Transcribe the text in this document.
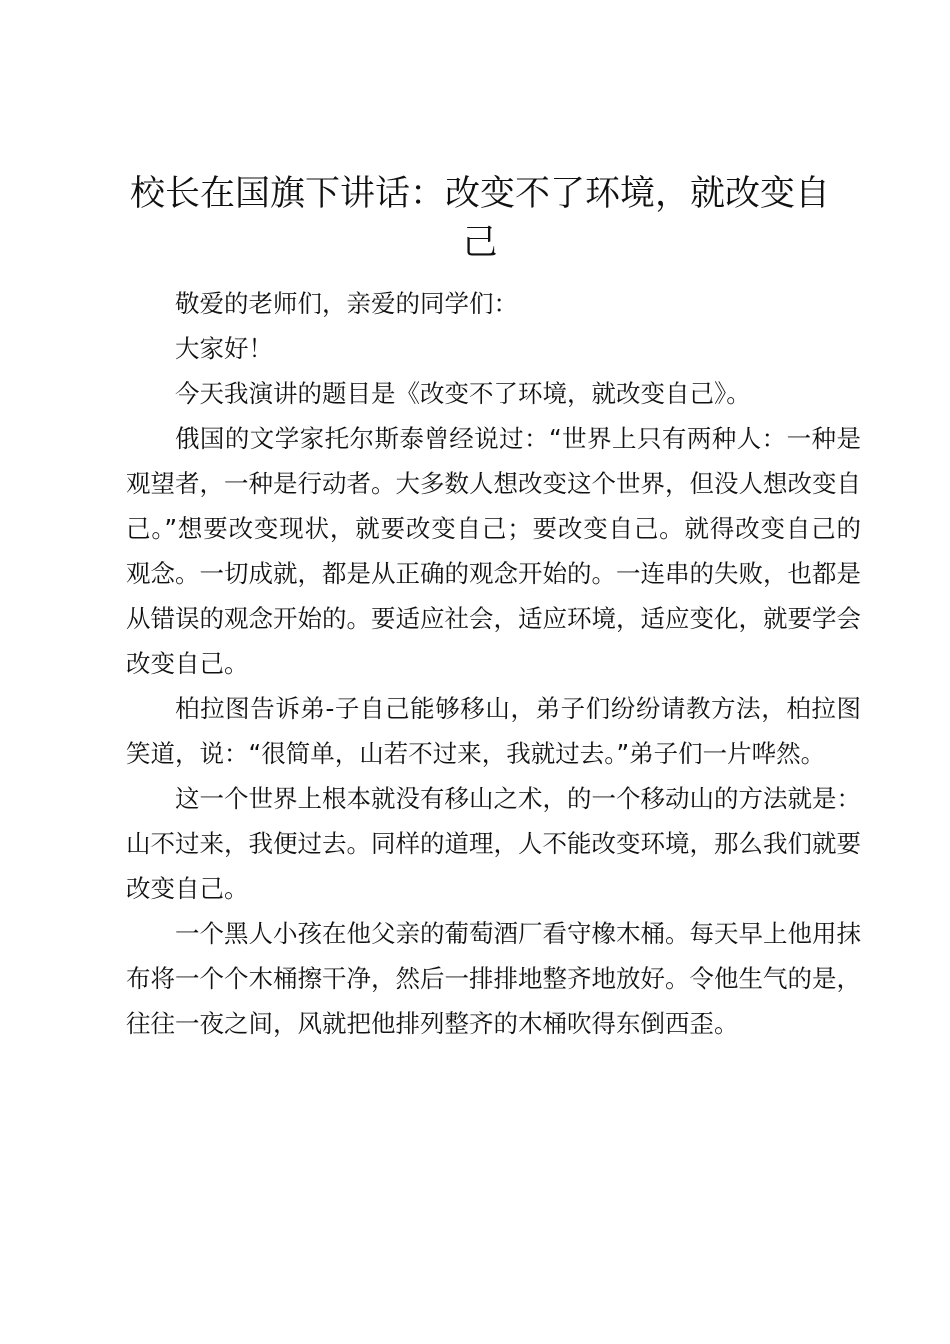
校长在国旗下讲话：改变不了环境，就改变自己

敬爱的老师们，亲爱的同学们：

大家好！

今天我演讲的题目是《改变不了环境，就改变自己》。

俄国的文学家托尔斯泰曾经说过：“世界上只有两种人：一种是观望者，一种是行动者。大多数人想改变这个世界，但没人想改变自己。”想要改变现状，就要改变自己；要改变自己。就得改变自己的观念。一切成就，都是从正确的观念开始的。一连串的失败，也都是从错误的观念开始的。要适应社会，适应环境，适应变化，就要学会改变自己。

柏拉图告诉弟-子自己能够移山，弟子们纷纷请教方法，柏拉图笑道，说：“很简单，山若不过来，我就过去。”弟子们一片哗然。

这一个世界上根本就没有移山之术，的一个移动山的方法就是：山不过来，我便过去。同样的道理，人不能改变环境，那么我们就要改变自己。

一个黑人小孩在他父亲的葡萄酒厂看守橡木桶。每天早上他用抹布将一个个木桶擦干净，然后一排排地整齐地放好。令他生气的是，往往一夜之间，风就把他排列整齐的木桶吹得东倒西歪。
